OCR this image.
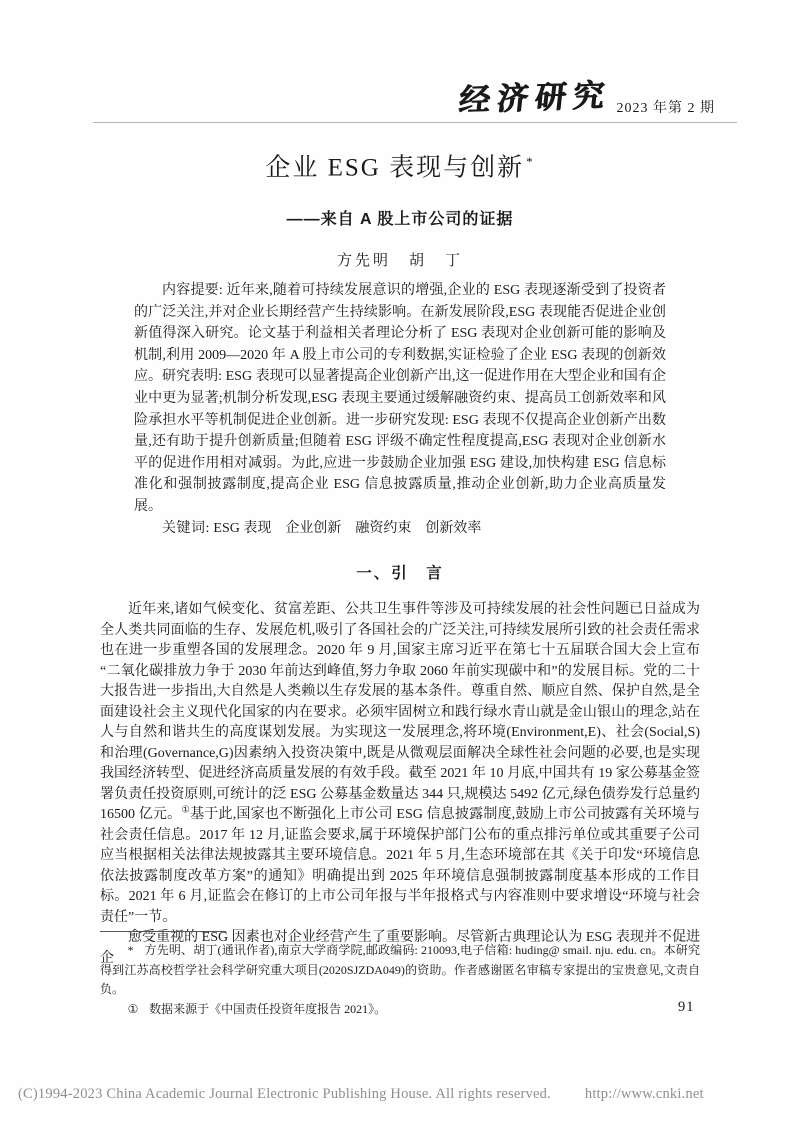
经济研究 2023 年第 2 期
企业 ESG 表现与创新 *
——来自 A 股上市公司的证据
方先明　胡　丁

内容提要: 近年来,随着可持续发展意识的增强,企业的 ESG 表现逐渐受到了投资者的广泛关注,并对企业长期经营产生持续影响。在新发展阶段,ESG 表现能否促进企业创新值得深入研究。论文基于利益相关者理论分析了 ESG 表现对企业创新可能的影响及机制,利用 2009—2020 年 A 股上市公司的专利数据,实证检验了企业 ESG 表现的创新效应。研究表明: ESG 表现可以显著提高企业创新产出,这一促进作用在大型企业和国有企业中更为显著;机制分析发现,ESG 表现主要通过缓解融资约束、提高员工创新效率和风险承担水平等机制促进企业创新。进一步研究发现: ESG 表现不仅提高企业创新产出数量,还有助于提升创新质量;但随着 ESG 评级不确定性程度提高,ESG 表现对企业创新水平的促进作用相对减弱。为此,应进一步鼓励企业加强 ESG 建设,加快构建 ESG 信息标准化和强制披露制度,提高企业 ESG 信息披露质量,推动企业创新,助力企业高质量发展。

关键词: ESG 表现　企业创新　融资约束　创新效率

一、引　言

近年来,诸如气候变化、贫富差距、公共卫生事件等涉及可持续发展的社会性问题已日益成为全人类共同面临的生存、发展危机,吸引了各国社会的广泛关注,可持续发展所引致的社会责任需求也在进一步重塑各国的发展理念。2020 年 9 月,国家主席习近平在第七十五届联合国大会上宣布“二氧化碳排放力争于 2030 年前达到峰值,努力争取 2060 年前实现碳中和”的发展目标。党的二十大报告进一步指出,大自然是人类赖以生存发展的基本条件。尊重自然、顺应自然、保护自然,是全面建设社会主义现代化国家的内在要求。必须牢固树立和践行绿水青山就是金山银山的理念,站在人与自然和谐共生的高度谋划发展。为实现这一发展理念,将环境(Environment,E)、社会(Social,S)和治理(Governance,G)因素纳入投资决策中,既是从微观层面解决全球性社会问题的必要,也是实现我国经济转型、促进经济高质量发展的有效手段。截至 2021 年 10 月底,中国共有 19 家公募基金签署负责任投资原则,可统计的泛 ESG 公募基金数量达 344 只,规模达 5492 亿元,绿色债券发行总量约 16500 亿元。①基于此,国家也不断强化上市公司 ESG 信息披露制度,鼓励上市公司披露有关环境与社会责任信息。2017 年 12 月,证监会要求,属于环境保护部门公布的重点排污单位或其重要子公司应当根据相关法律法规披露其主要环境信息。2021 年 5 月,生态环境部在其《关于印发“环境信息依法披露制度改革方案”的通知》明确提出到 2025 年环境信息强制披露制度基本形成的工作目标。2021 年 6 月,证监会在修订的上市公司年报与半年报格式与内容准则中要求增设“环境与社会责任”一节。

愈受重视的 ESG 因素也对企业经营产生了重要影响。尽管新古典理论认为 ESG 表现并不促进企

* 方先明、胡丁(通讯作者),南京大学商学院,邮政编码: 210093,电子信箱: huding@ smail. nju. edu. cn。本研究得到江苏高校哲学社会科学研究重大项目(2020SJZDA049)的资助。作者感谢匿名审稿专家提出的宝贵意见,文责自负。

① 数据来源于《中国责任投资年度报告 2021》。	91
(C)1994-2023 China Academic Journal Electronic Publishing House. All rights reserved. http://www.cnki.net
